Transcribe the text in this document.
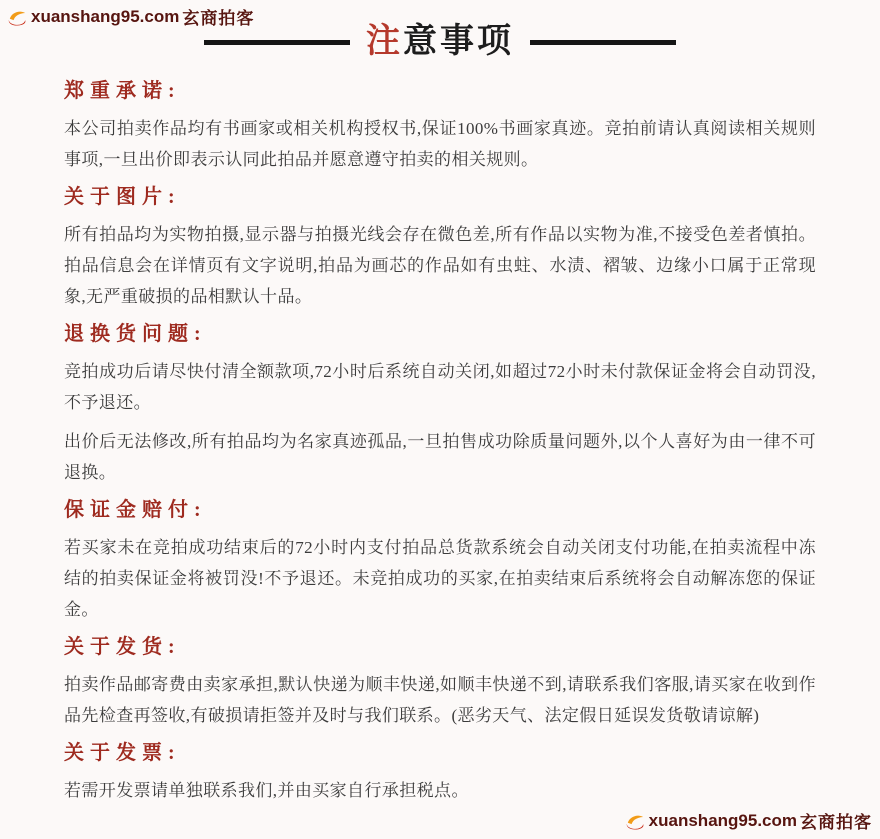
xuanshang95.com 玄商拍客
注意事项
郑重承诺:

本公司拍卖作品均有书画家或相关机构授权书,保证100%书画家真迹。竞拍前请认真阅读相关规则事项,一旦出价即表示认同此拍品并愿意遵守拍卖的相关规则。

关于图片:

所有拍品均为实物拍摄,显示器与拍摄光线会存在微色差,所有作品以实物为准,不接受色差者慎拍。拍品信息会在详情页有文字说明,拍品为画芯的作品如有虫蛀、水渍、褶皱、边缘小口属于正常现象,无严重破损的品相默认十品。

退换货问题:

竞拍成功后请尽快付清全额款项,72小时后系统自动关闭,如超过72小时未付款保证金将会自动罚没,不予退还。

出价后无法修改,所有拍品均为名家真迹孤品,一旦拍售成功除质量问题外,以个人喜好为由一律不可退换。

保证金赔付:

若买家未在竞拍成功结束后的72小时内支付拍品总货款系统会自动关闭支付功能,在拍卖流程中冻结的拍卖保证金将被罚没!不予退还。未竞拍成功的买家,在拍卖结束后系统将会自动解冻您的保证金。

关于发货:

拍卖作品邮寄费由卖家承担,默认快递为顺丰快递,如顺丰快递不到,请联系我们客服,请买家在收到作品先检查再签收,有破损请拒签并及时与我们联系。(恶劣天气、法定假日延误发货敬请谅解)

关于发票:

若需开发票请单独联系我们,并由买家自行承担税点。

xuanshang95.com 玄商拍客
